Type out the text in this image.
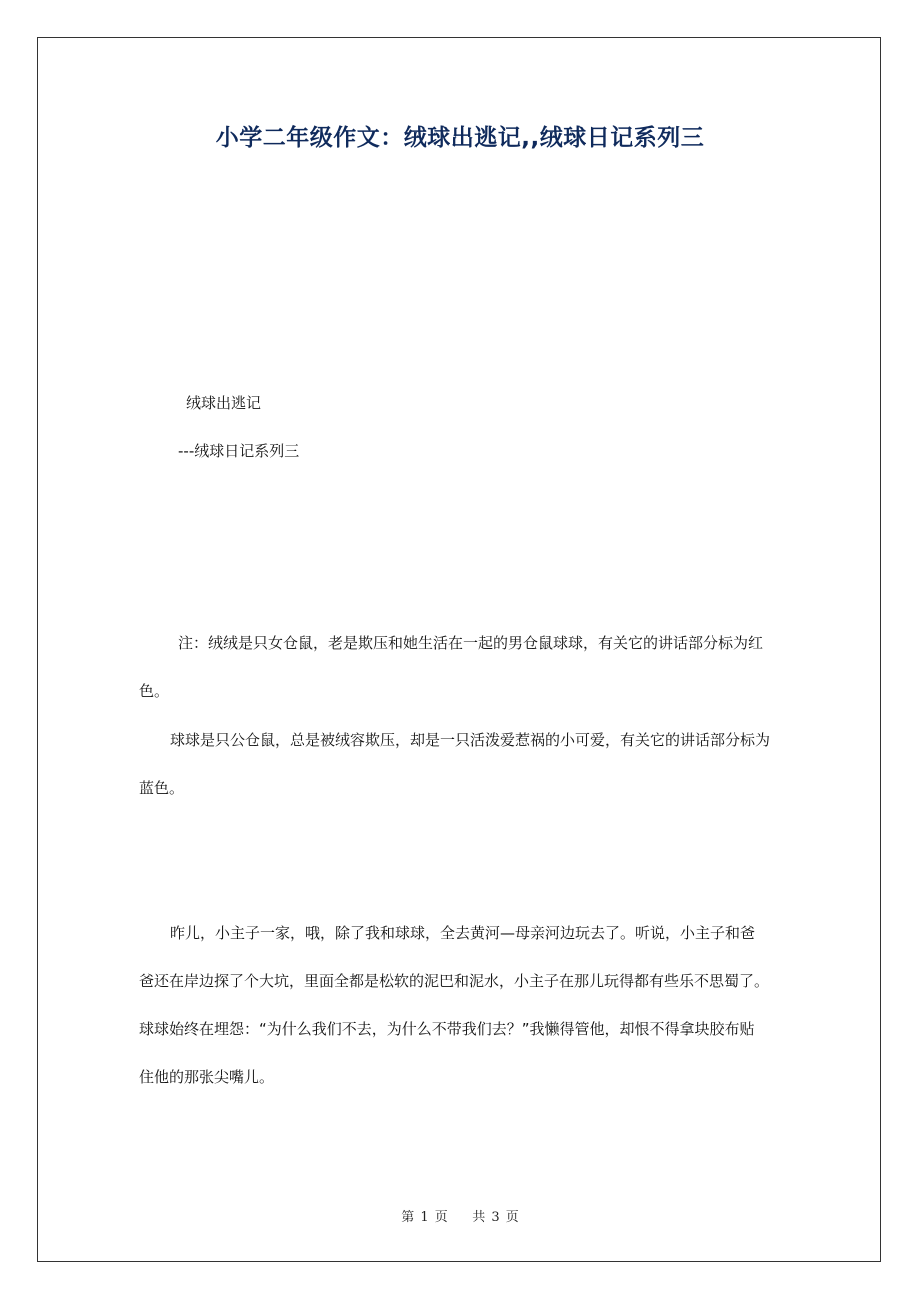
小学二年级作文：绒球出逃记,,绒球日记系列三
绒球出逃记
---绒球日记系列三
注：绒绒是只女仓鼠，老是欺压和她生活在一起的男仓鼠球球，有关它的讲话部分标为红
色。
球球是只公仓鼠，总是被绒容欺压，却是一只活泼爱惹祸的小可爱，有关它的讲话部分标为
蓝色。
昨儿，小主子一家，哦，除了我和球球，全去黄河—母亲河边玩去了。听说，小主子和爸
爸还在岸边探了个大坑，里面全都是松软的泥巴和泥水，小主子在那儿玩得都有些乐不思蜀了。
球球始终在埋怨：“为什么我们不去，为什么不带我们去？”我懒得管他，却恨不得拿块胶布贴
住他的那张尖嘴儿。
第 1 页 共 3 页
